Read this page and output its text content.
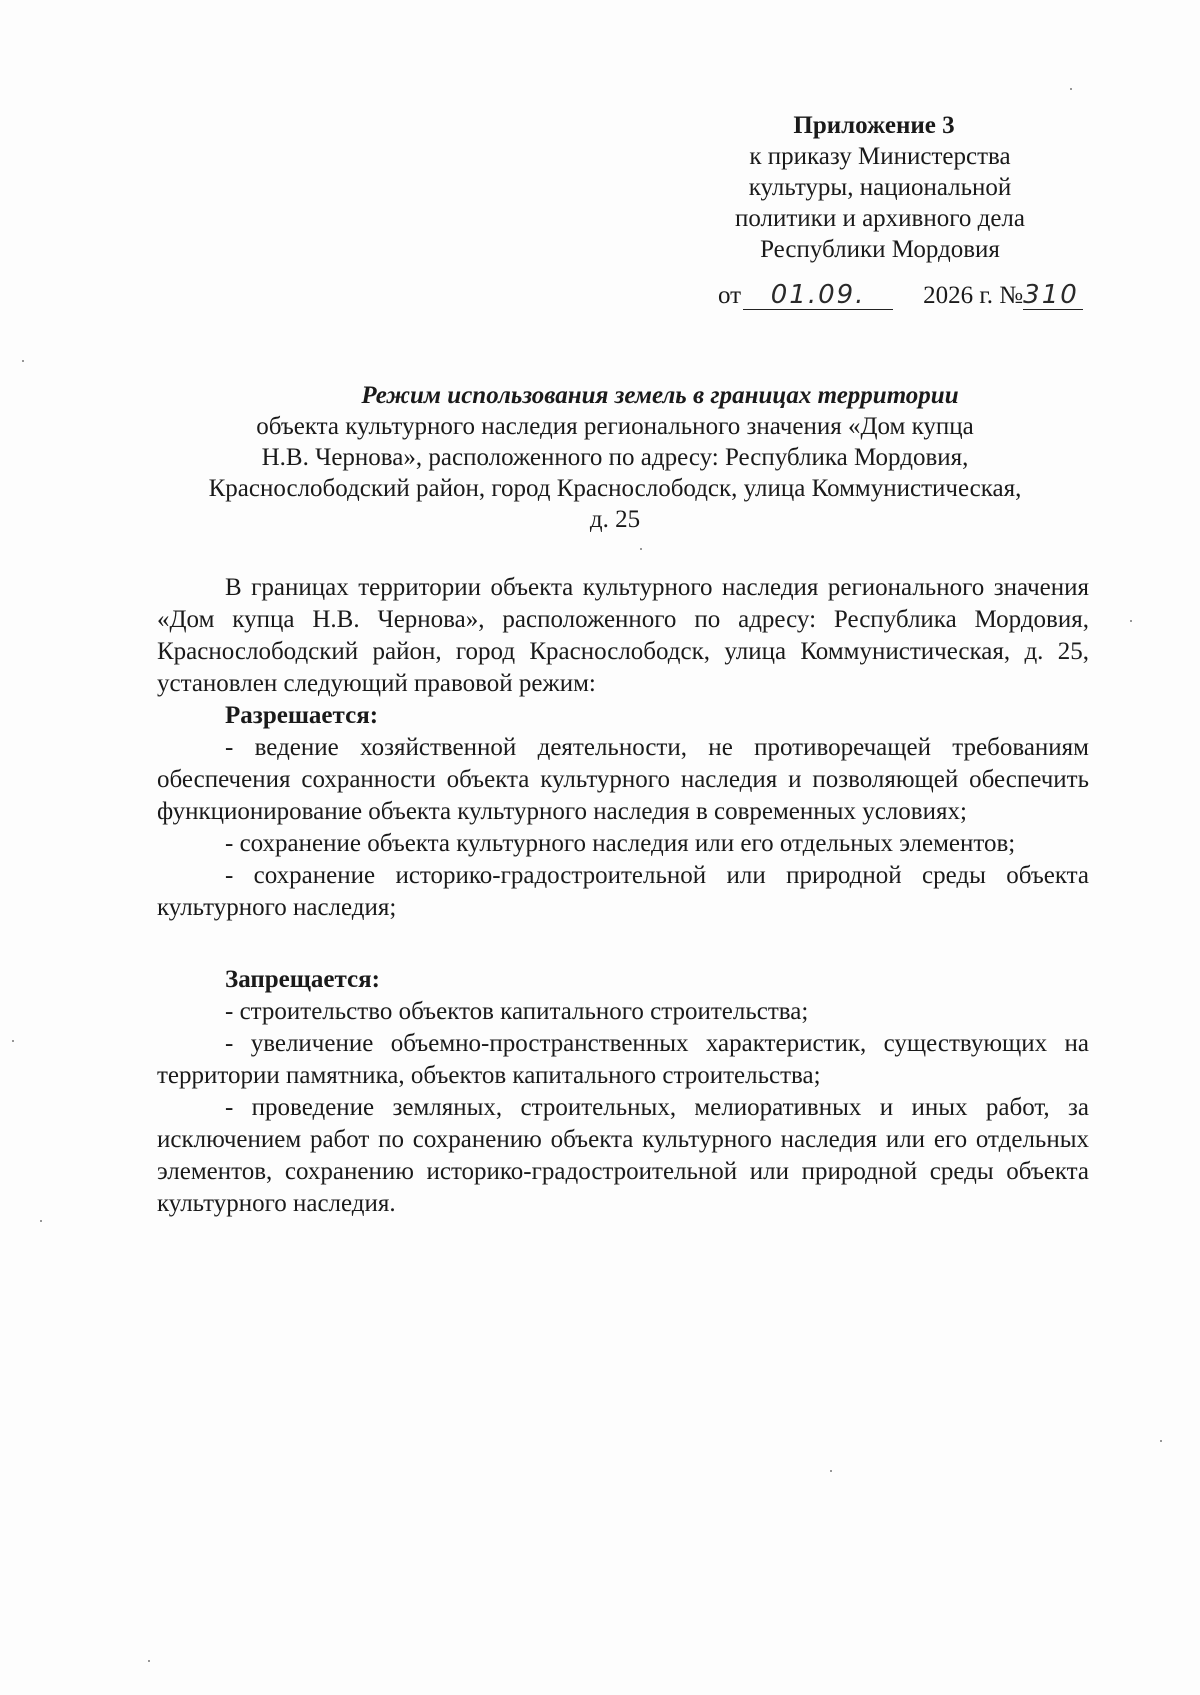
Приложение 3
к приказу Министерства
культуры, национальной
политики и архивного дела
Республики Мордовия
от 01.09. 2026 г. №310
Режим использования земель в границах территории
объекта культурного наследия регионального значения «Дом купца
Н.В. Чернова», расположенного по адресу: Республика Мордовия,
Краснослободский район, город Краснослободск, улица Коммунистическая,
д. 25

В границах территории объекта культурного наследия регионального значения «Дом купца Н.В. Чернова», расположенного по адресу: Республика Мордовия, Краснослободский район, город Краснослободск, улица Коммунистическая, д. 25, установлен следующий правовой режим:

Разрешается:

- ведение хозяйственной деятельности, не противоречащей требованиям обеспечения сохранности объекта культурного наследия и позволяющей обеспечить функционирование объекта культурного наследия в современных условиях;

- сохранение объекта культурного наследия или его отдельных элементов;

- сохранение историко-градостроительной или природной среды объекта культурного наследия;

Запрещается:

- строительство объектов капитального строительства;

- увеличение объемно-пространственных характеристик, существующих на территории памятника, объектов капитального строительства;

- проведение земляных, строительных, мелиоративных и иных работ, за исключением работ по сохранению объекта культурного наследия или его отдельных элементов, сохранению историко-градостроительной или природной среды объекта культурного наследия.
